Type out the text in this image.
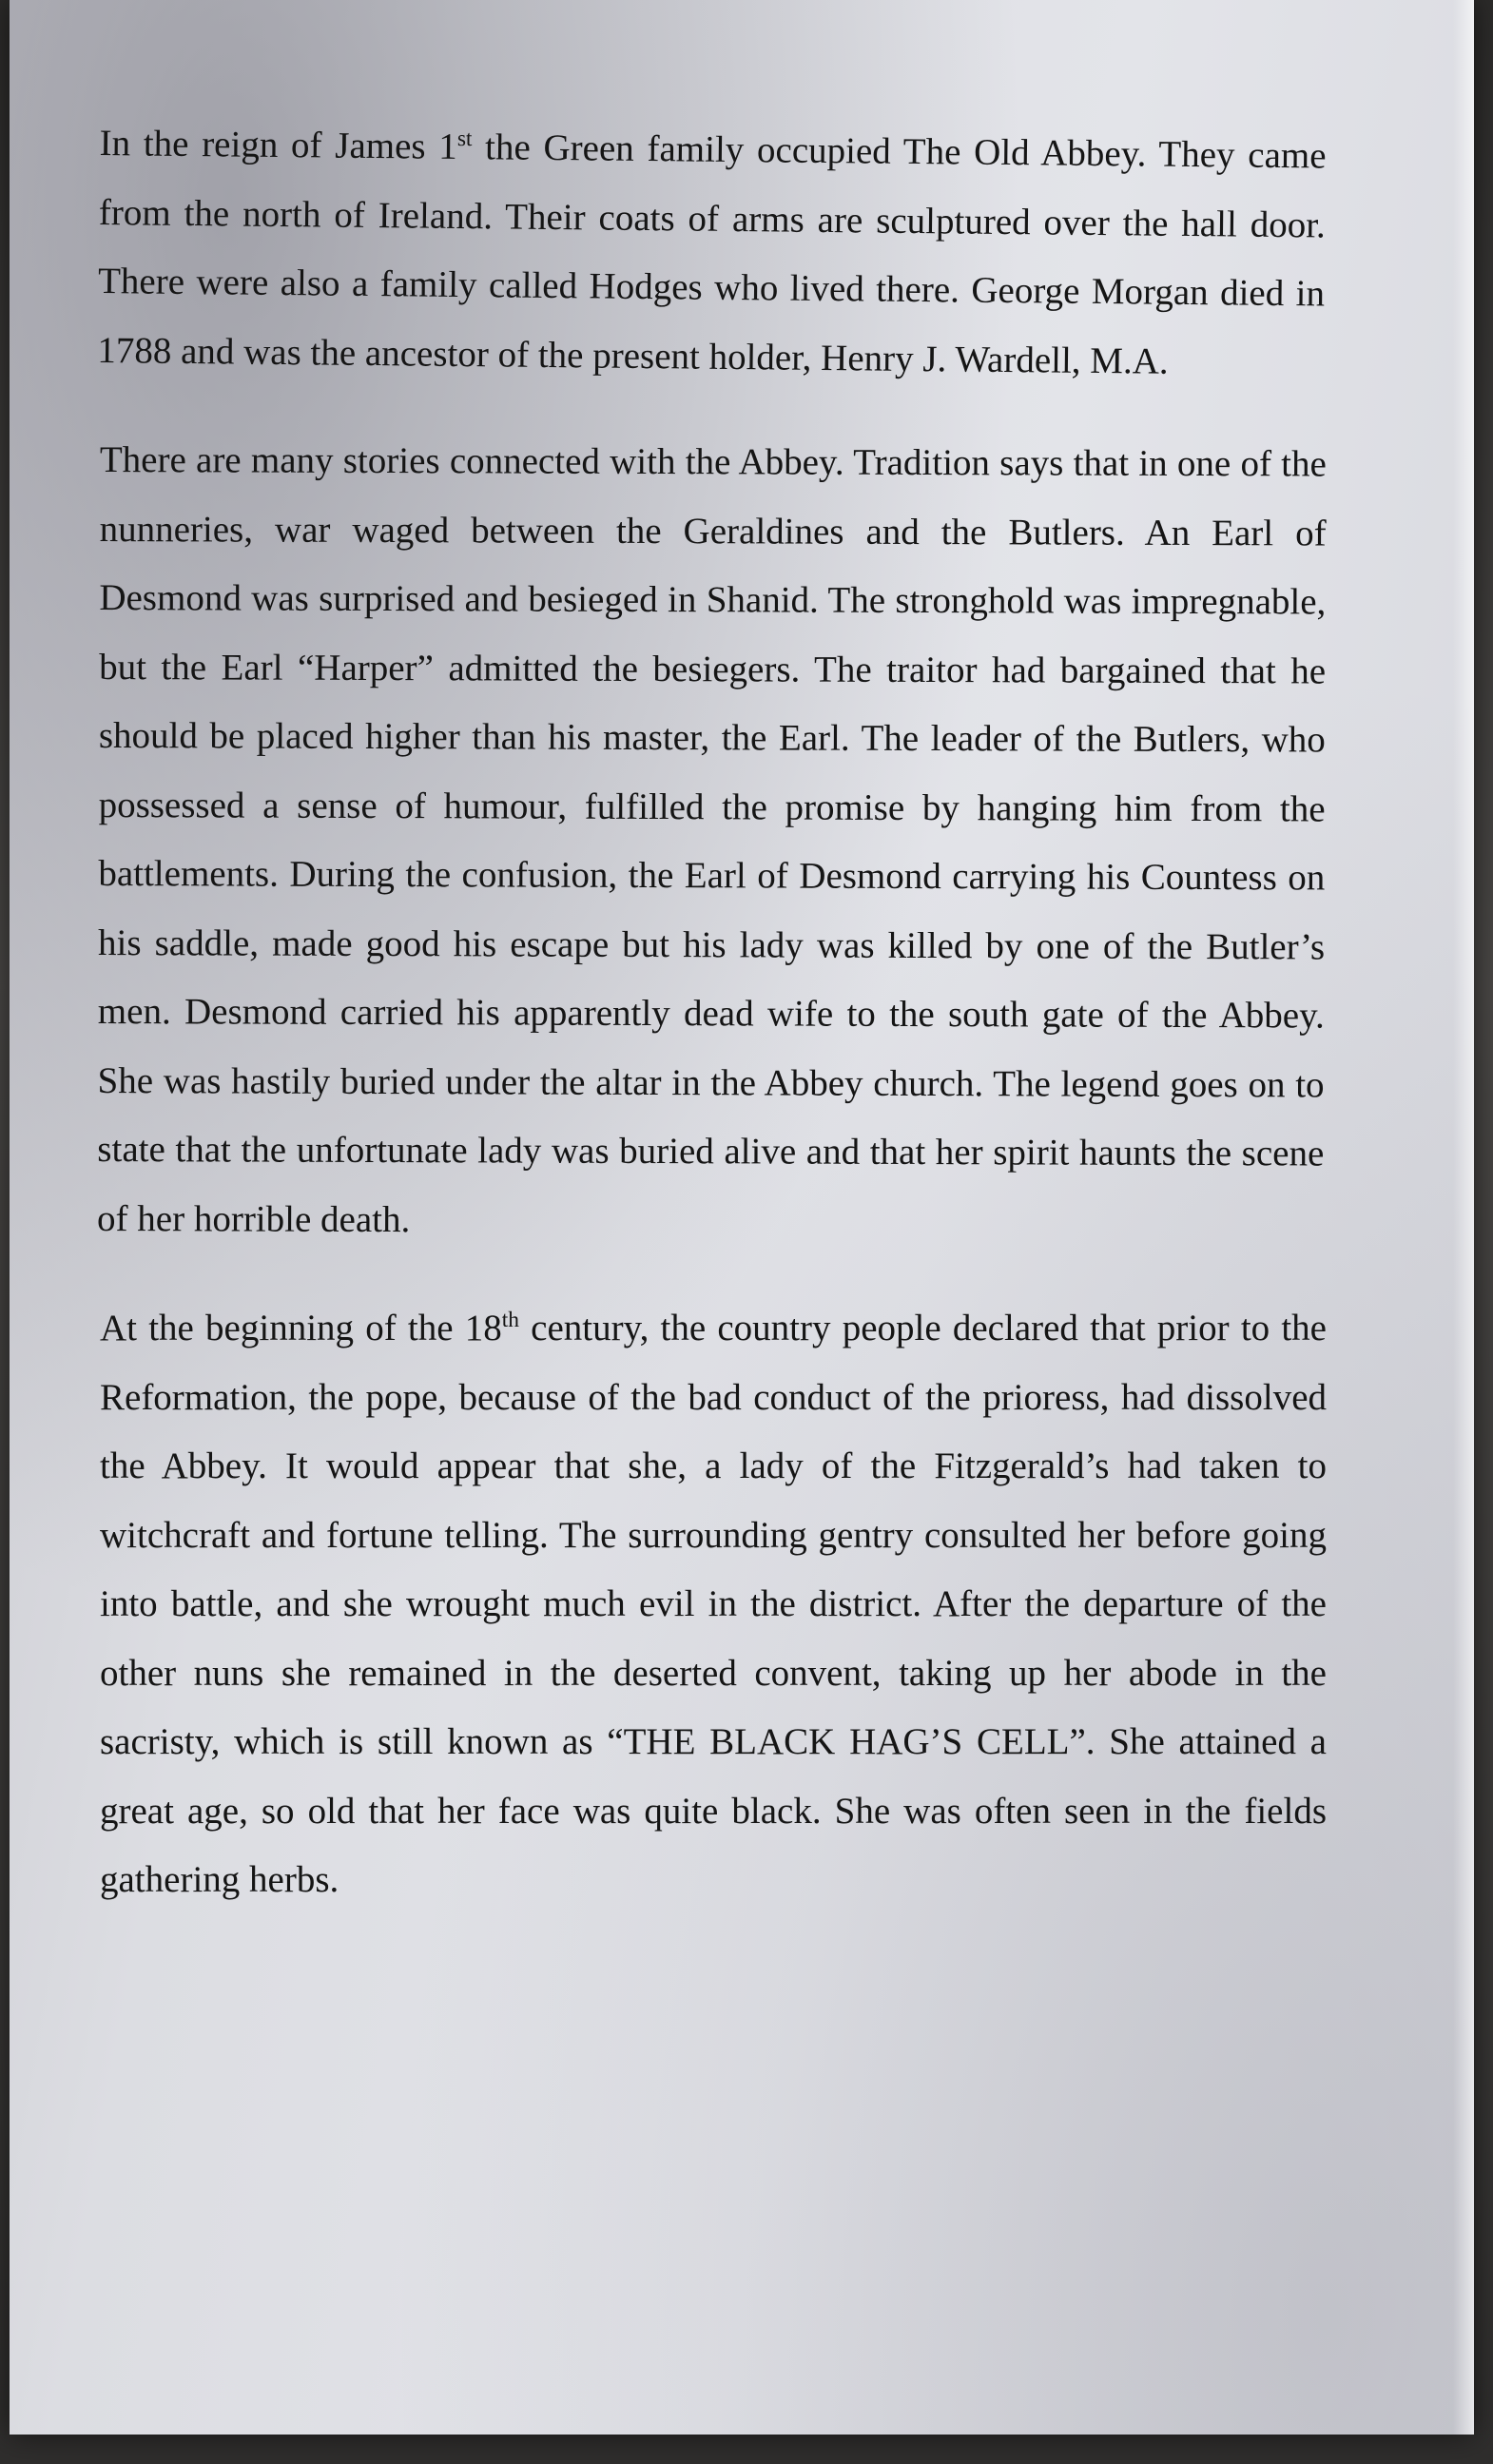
In the reign of James 1st the Green family occupied The Old Abbey. They came from the north of Ireland. Their coats of arms are sculptured over the hall door. There were also a family called Hodges who lived there. George Morgan died in 1788 and was the ancestor of the present holder, Henry J. Wardell, M.A.

There are many stories connected with the Abbey. Tradition says that in one of the nunneries, war waged between the Geraldines and the Butlers. An Earl of Desmond was surprised and besieged in Shanid. The stronghold was impregnable, but the Earl “Harper” admitted the besiegers. The traitor had bargained that he should be placed higher than his master, the Earl. The leader of the Butlers, who possessed a sense of humour, fulfilled the promise by hanging him from the battlements. During the confusion, the Earl of Desmond carrying his Countess on his saddle, made good his escape but his lady was killed by one of the Butler’s men. Desmond carried his apparently dead wife to the south gate of the Abbey. She was hastily buried under the altar in the Abbey church. The legend goes on to state that the unfortunate lady was buried alive and that her spirit haunts the scene of her horrible death.

At the beginning of the 18th century, the country people declared that prior to the Reformation, the pope, because of the bad conduct of the prioress, had dissolved the Abbey. It would appear that she, a lady of the Fitzgerald’s had taken to witchcraft and fortune telling. The surrounding gentry consulted her before going into battle, and she wrought much evil in the district. After the departure of the other nuns she remained in the deserted convent, taking up her abode in the sacristy, which is still known as “THE BLACK HAG’S CELL”. She attained a great age, so old that her face was quite black. She was often seen in the fields gathering herbs.
